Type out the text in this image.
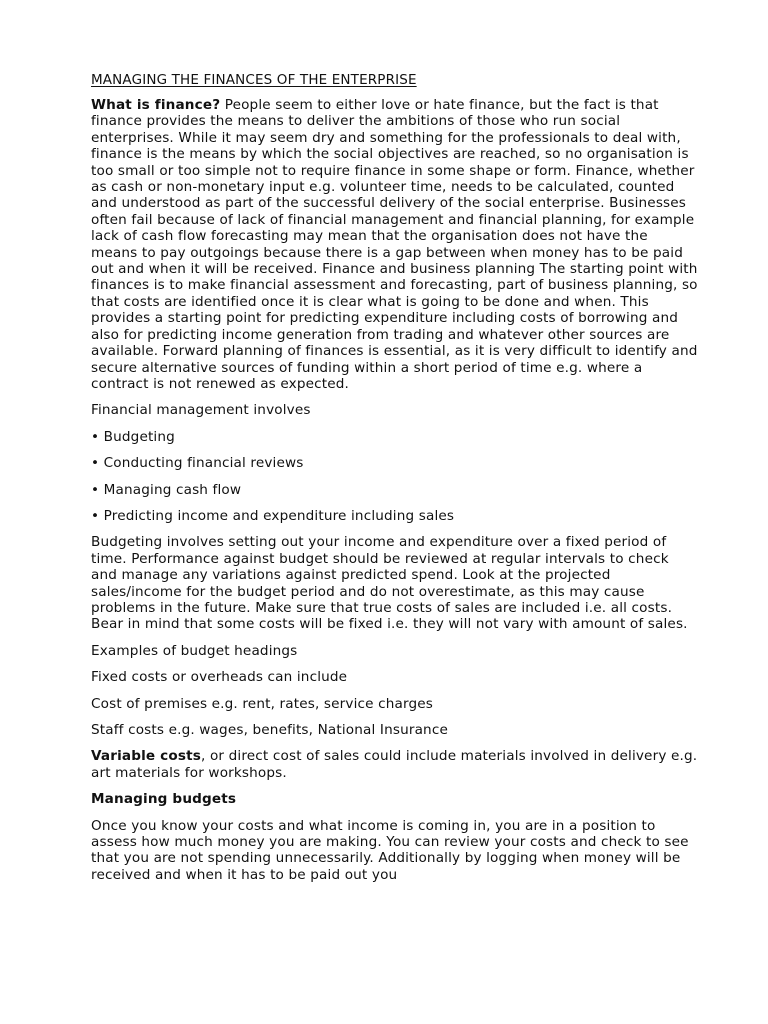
MANAGING THE FINANCES OF THE ENTERPRISE

What is finance? People seem to either love or hate finance, but the fact is that finance provides the means to deliver the ambitions of those who run social enterprises. While it may seem dry and something for the professionals to deal with, finance is the means by which the social objectives are reached, so no organisation is too small or too simple not to require finance in some shape or form. Finance, whether as cash or non-monetary input e.g. volunteer time, needs to be calculated, counted and understood as part of the successful delivery of the social enterprise. Businesses often fail because of lack of financial management and financial planning, for example lack of cash flow forecasting may mean that the organisation does not have the means to pay outgoings because there is a gap between when money has to be paid out and when it will be received. Finance and business planning The starting point with finances is to make financial assessment and forecasting, part of business planning, so that costs are identified once it is clear what is going to be done and when. This provides a starting point for predicting expenditure including costs of borrowing and also for predicting income generation from trading and whatever other sources are available. Forward planning of finances is essential, as it is very difficult to identify and secure alternative sources of funding within a short period of time e.g. where a contract is not renewed as expected.

Financial management involves

• Budgeting

• Conducting financial reviews

• Managing cash flow

• Predicting income and expenditure including sales

Budgeting involves setting out your income and expenditure over a fixed period of time. Performance against budget should be reviewed at regular intervals to check and manage any variations against predicted spend. Look at the projected sales/income for the budget period and do not overestimate, as this may cause problems in the future. Make sure that true costs of sales are included i.e. all costs. Bear in mind that some costs will be fixed i.e. they will not vary with amount of sales.

Examples of budget headings

Fixed costs or overheads can include

Cost of premises e.g. rent, rates, service charges

Staff costs e.g. wages, benefits, National Insurance

Variable costs, or direct cost of sales could include materials involved in delivery e.g. art materials for workshops.

Managing budgets

Once you know your costs and what income is coming in, you are in a position to assess how much money you are making. You can review your costs and check to see that you are not spending unnecessarily. Additionally by logging when money will be received and when it has to be paid out you
